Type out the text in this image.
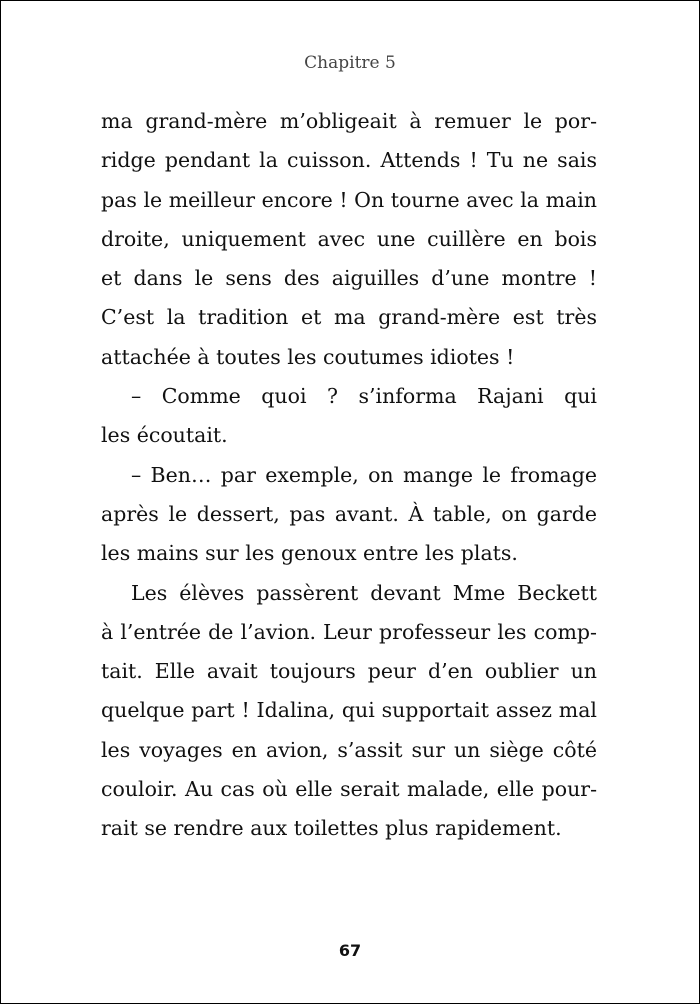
Chapitre 5
ma grand-mère m’obligeait à remuer le por-
ridge pendant la cuisson. Attends ! Tu ne sais
pas le meilleur encore ! On tourne avec la main
droite, uniquement avec une cuillère en bois
et dans le sens des aiguilles d’une montre !
C’est la tradition et ma grand-mère est très
attachée à toutes les coutumes idiotes !
– Comme quoi ? s’informa Rajani qui
les écoutait.
– Ben… par exemple, on mange le fromage
après le dessert, pas avant. À table, on garde
les mains sur les genoux entre les plats.
Les élèves passèrent devant Mme Beckett
à l’entrée de l’avion. Leur professeur les comp-
tait. Elle avait toujours peur d’en oublier un
quelque part ! Idalina, qui supportait assez mal
les voyages en avion, s’assit sur un siège côté
couloir. Au cas où elle serait malade, elle pour-
rait se rendre aux toilettes plus rapidement.
67
